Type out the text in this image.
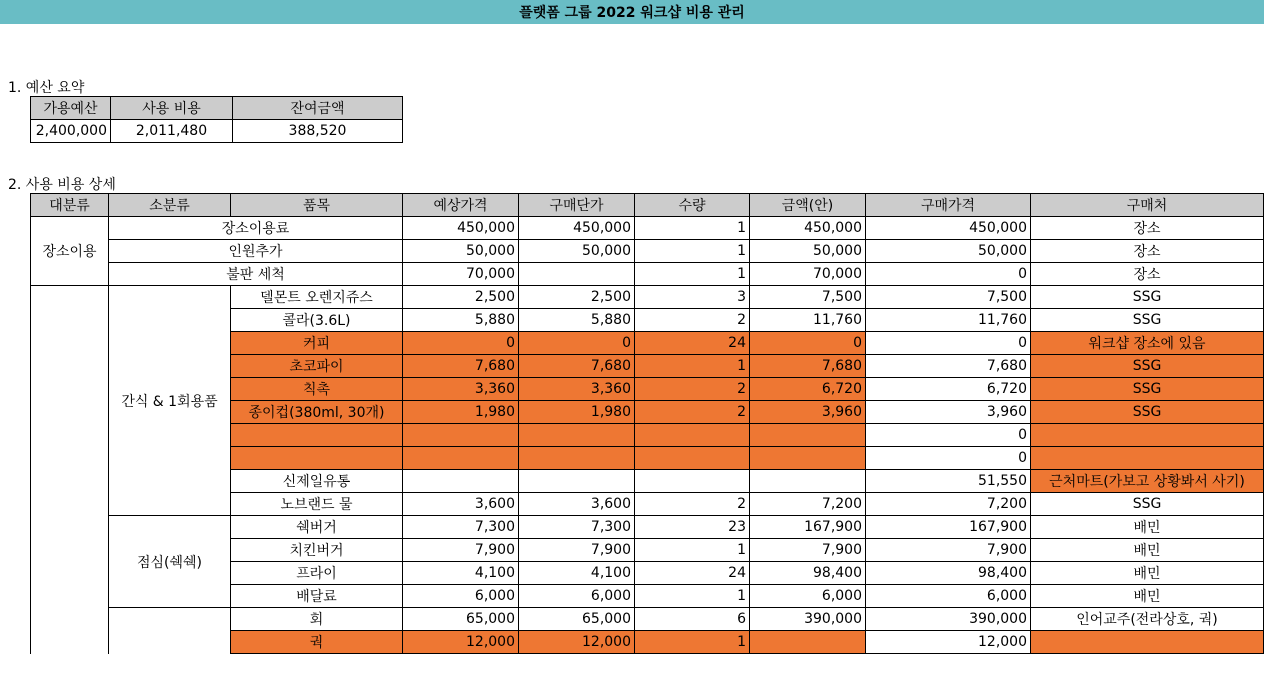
플랫폼 그룹 2022 워크샵 비용 관리
1. 예산 요약
가용예산	사용 비용	잔여금액
2,400,000	2,011,480	388,520
2. 사용 비용 상세
대분류	소분류	품목	예상가격	구매단가	수량	금액(안)	구매가격	구매처
장소이용	장소이용료		450,000	450,000	1	450,000	450,000	장소
	인원추가		50,000	50,000	1	50,000	50,000	장소
	불판 세척		70,000		1	70,000	0	장소
	간식 & 1회용품	델몬트 오렌지쥬스	2,500	2,500	3	7,500	7,500	SSG
		콜라(3.6L)	5,880	5,880	2	11,760	11,760	SSG
		커피	0	0	24	0	0	워크샵 장소에 있음
		초코파이	7,680	7,680	1	7,680	7,680	SSG
		칙촉	3,360	3,360	2	6,720	6,720	SSG
		종이컵(380ml, 30개)	1,980	1,980	2	3,960	3,960	SSG
							0	
							0	
		신제일유통					51,550	근처마트(가보고 상황봐서 사기)
		노브랜드 물	3,600	3,600	2	7,200	7,200	SSG
	점심(쉑쉑)	쉑버거	7,300	7,300	23	167,900	167,900	배민
		치킨버거	7,900	7,900	1	7,900	7,900	배민
		프라이	4,100	4,100	24	98,400	98,400	배민
		배달료	6,000	6,000	1	6,000	6,000	배민
		회	65,000	65,000	6	390,000	390,000	인어교주(전라상호, 궉)
		궉	12,000	12,000	1		12,000	
